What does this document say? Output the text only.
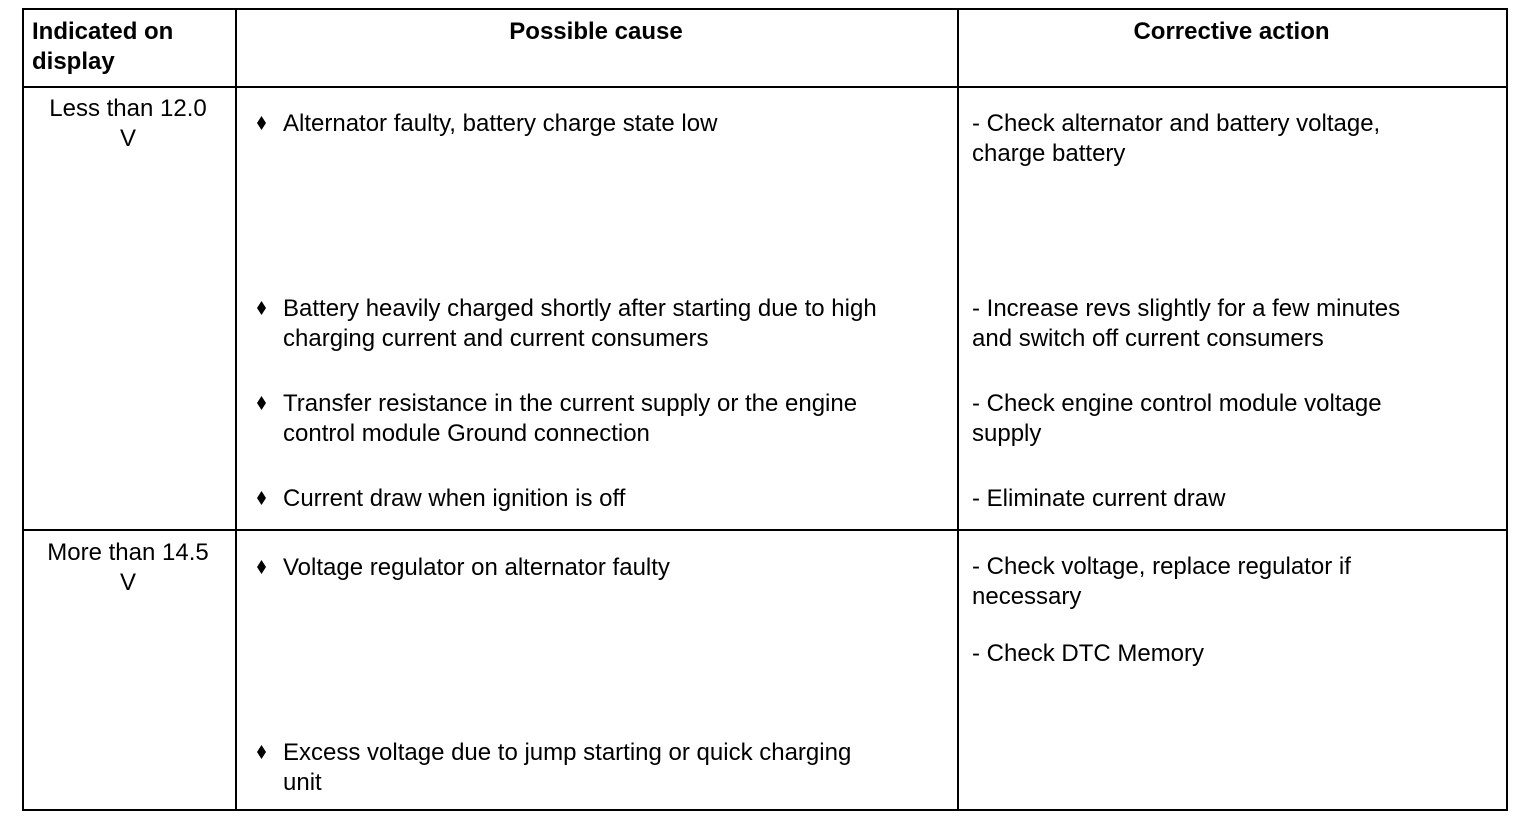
Indicated on
display
Possible cause	Corrective action
Less than 12.0
V
Alternator faulty, battery charge state low
Battery heavily charged shortly after starting due to high
charging current and current consumers
Transfer resistance in the current supply or the engine
control module Ground connection
Current draw when ignition is off
- Check alternator and battery voltage,
charge battery
- Increase revs slightly for a few minutes
and switch off current consumers
- Check engine control module voltage
supply
- Eliminate current draw
More than 14.5
V
Voltage regulator on alternator faulty
Excess voltage due to jump starting or quick charging
unit
- Check voltage, replace regulator if
necessary
- Check DTC Memory
